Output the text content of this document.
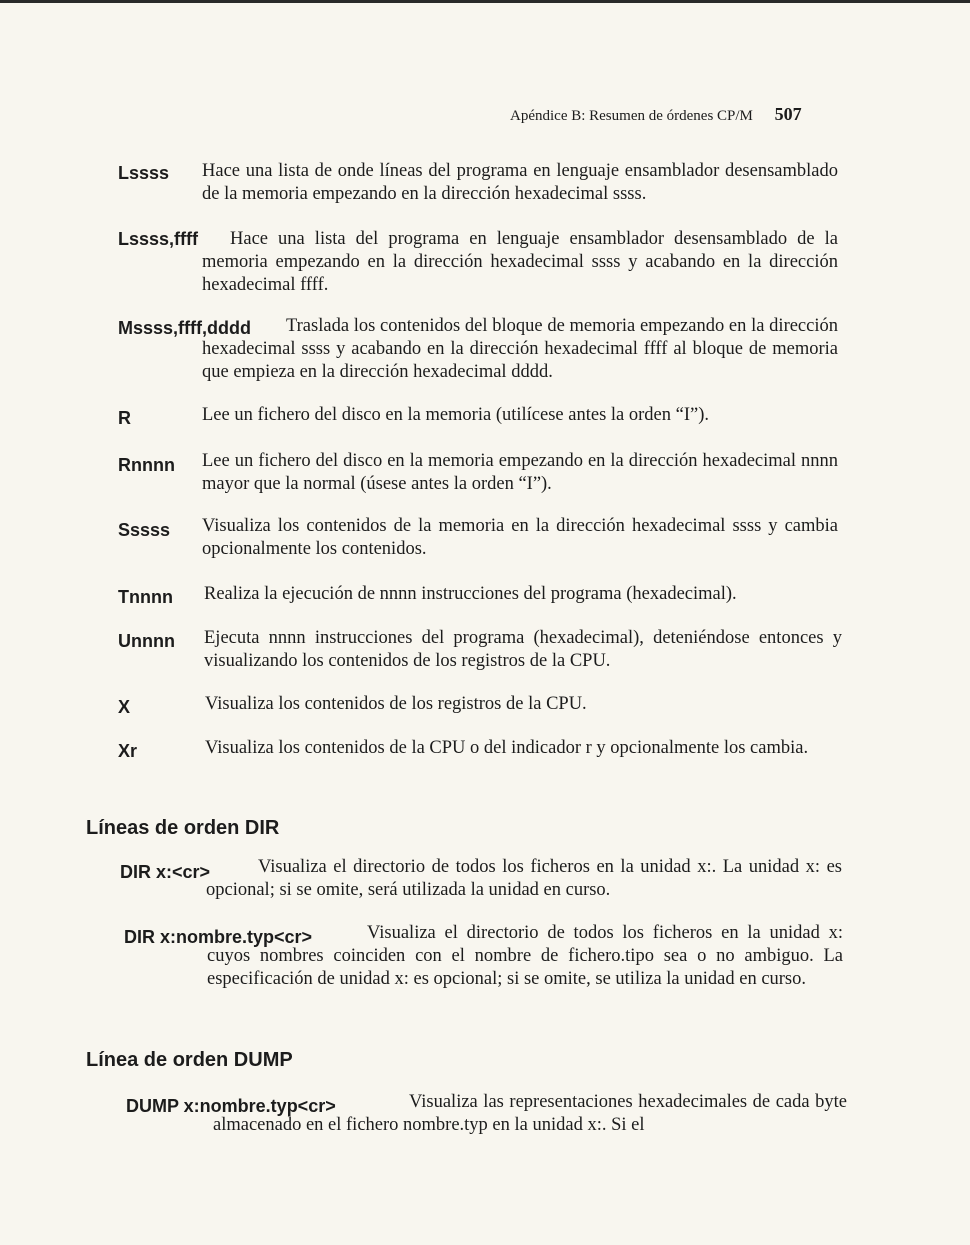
Apéndice B: Resumen de órdenes CP/M 507
Lssss Hace una lista de onde líneas del programa en lenguaje ensamblador desensamblado de la memoria empezando en la dirección hexadecimal ssss.
Lssss,ffff	Hace una lista del programa en lenguaje ensamblador desensamblado de la memoria empezando en la dirección hexadecimal ssss y acabando en la dirección hexadecimal ffff.
Mssss,ffff,dddd	Traslada los contenidos del bloque de memoria empezando en la dirección hexadecimal ssss y acabando en la dirección hexadecimal ffff al bloque de memoria que empieza en la dirección hexadecimal dddd.
R	Lee un fichero del disco en la memoria (utilícese antes la orden “I”).
Rnnnn Lee un fichero del disco en la memoria empezando en la dirección hexadecimal nnnn mayor que la normal (úsese antes la orden “I”).
Sssss Visualiza los contenidos de la memoria en la dirección hexadecimal ssss y cambia opcionalmente los contenidos.
Tnnnn Realiza la ejecución de nnnn instrucciones del programa (hexadecimal).
Unnnn Ejecuta nnnn instrucciones del programa (hexadecimal), deteniéndose entonces y visualizando los contenidos de los registros de la CPU.
X	Visualiza los contenidos de los registros de la CPU.
Xr	Visualiza los contenidos de la CPU o del indicador r y opcionalmente los cambia.
Líneas de orden DIR
DIR x:<cr>	Visualiza el directorio de todos los ficheros en la unidad x:. La unidad x: es opcional; si se omite, será utilizada la unidad en curso.
DIR x:nombre.typ<cr>	Visualiza el directorio de todos los ficheros en la unidad x: cuyos nombres coinciden con el nombre de fichero.tipo sea o no ambiguo. La especificación de unidad x: es opcional; si se omite, se utiliza la unidad en curso.
Línea de orden DUMP
DUMP x:nombre.typ<cr>	Visualiza las representaciones hexadecimales de cada byte almacenado en el fichero nombre.typ en la unidad x:. Si el
